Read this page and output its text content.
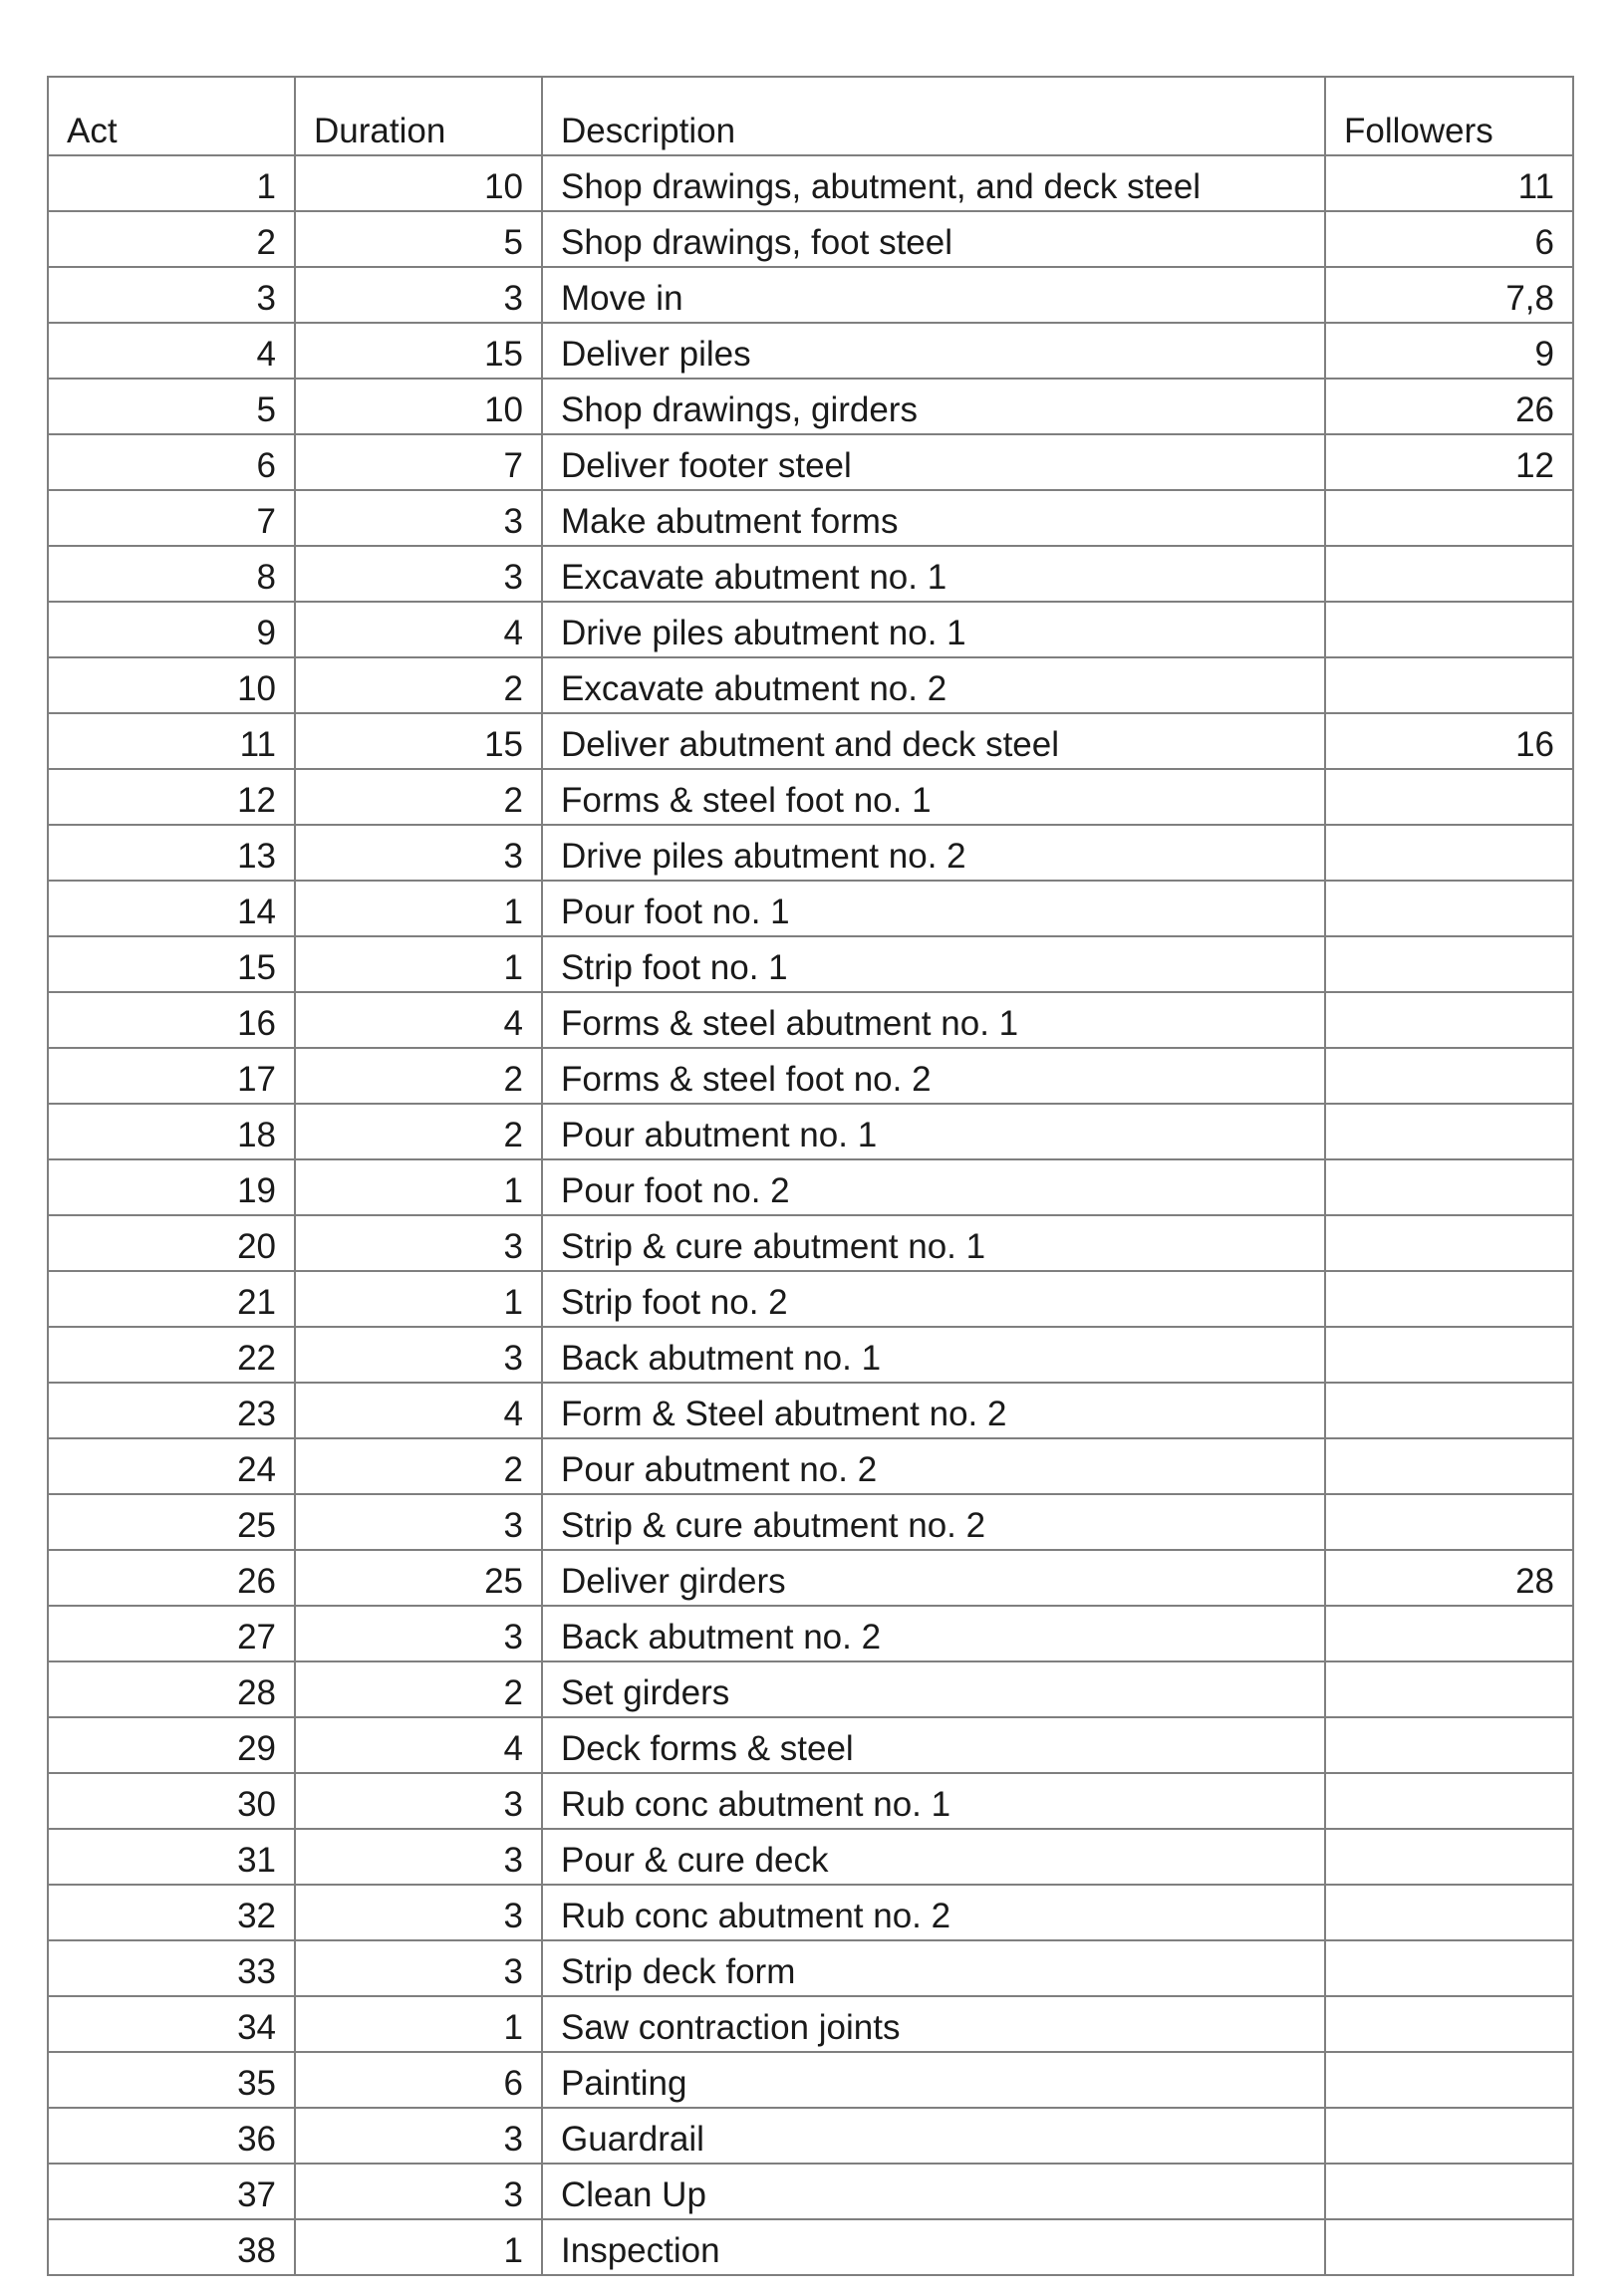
Act	Duration	Description	Followers
1	10	Shop drawings, abutment, and deck steel	11
2	5	Shop drawings, foot steel	6
3	3	Move in	7,8
4	15	Deliver piles	9
5	10	Shop drawings, girders	26
6	7	Deliver footer steel	12
7	3	Make abutment forms	
8	3	Excavate abutment no. 1	
9	4	Drive piles abutment no. 1	
10	2	Excavate abutment no. 2	
11	15	Deliver abutment and deck steel	16
12	2	Forms & steel foot no. 1	
13	3	Drive piles abutment no. 2	
14	1	Pour foot no. 1	
15	1	Strip foot no. 1	
16	4	Forms & steel abutment no. 1	
17	2	Forms & steel foot no. 2	
18	2	Pour abutment no. 1	
19	1	Pour foot no. 2	
20	3	Strip & cure abutment no. 1	
21	1	Strip foot no. 2	
22	3	Back abutment no. 1	
23	4	Form & Steel abutment no. 2	
24	2	Pour abutment no. 2	
25	3	Strip & cure abutment no. 2	
26	25	Deliver girders	28
27	3	Back abutment no. 2	
28	2	Set girders	
29	4	Deck forms & steel	
30	3	Rub conc abutment no. 1	
31	3	Pour & cure deck	
32	3	Rub conc abutment no. 2	
33	3	Strip deck form	
34	1	Saw contraction joints	
35	6	Painting	
36	3	Guardrail	
37	3	Clean Up	
38	1	Inspection	
